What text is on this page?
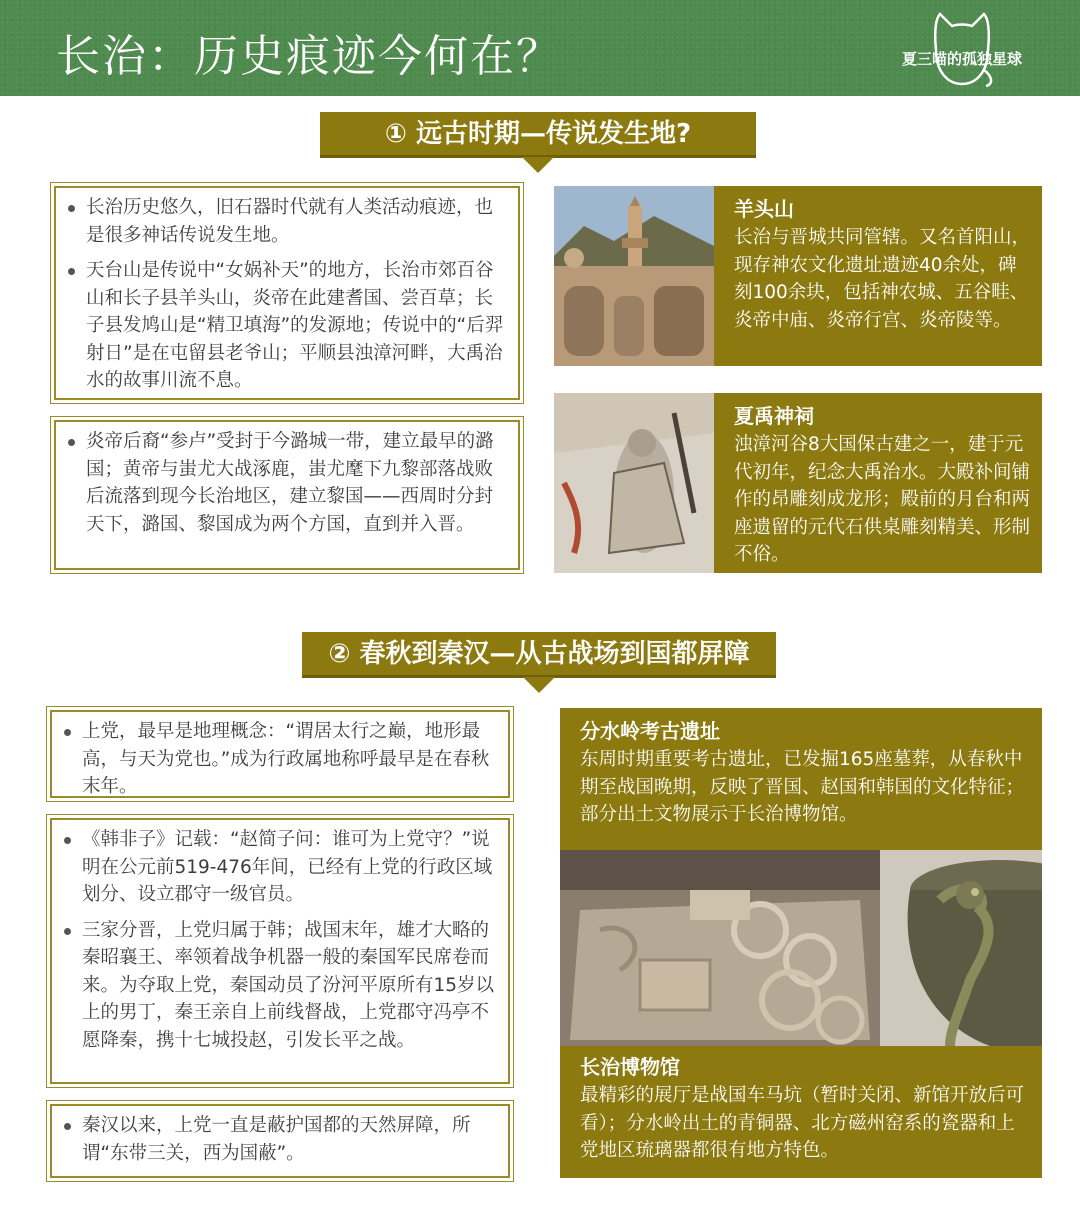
长治：历史痕迹今何在？	夏三喵的孤独星球
① 远古时期—传说发生地?
长治历史悠久，旧石器时代就有人类活动痕迹，也是很多神话传说发生地。
天台山是传说中“女娲补天”的地方，长治市郊百谷山和长子县羊头山，炎帝在此建耆国、尝百草；长子县发鸠山是“精卫填海”的发源地；传说中的“后羿射日”是在屯留县老爷山；平顺县浊漳河畔，大禹治水的故事川流不息。
炎帝后裔“参卢”受封于今潞城一带，建立最早的潞国；黄帝与蚩尤大战涿鹿，蚩尤麾下九黎部落战败后流落到现今长治地区，建立黎国——西周时分封天下，潞国、黎国成为两个方国，直到并入晋。
羊头山
长治与晋城共同管辖。又名首阳山，现存神农文化遗址遗迹40余处，碑刻100余块，包括神农城、五谷畦、炎帝中庙、炎帝行宫、炎帝陵等。
夏禹神祠
浊漳河谷8大国保古建之一，建于元代初年，纪念大禹治水。大殿补间铺作的昂雕刻成龙形；殿前的月台和两座遗留的元代石供桌雕刻精美、形制不俗。
② 春秋到秦汉—从古战场到国都屏障
上党，最早是地理概念：“谓居太行之巅，地形最高，与天为党也。”成为行政属地称呼最早是在春秋末年。
《韩非子》记载：“赵简子问：谁可为上党守？”说明在公元前519-476年间，已经有上党的行政区域划分、设立郡守一级官员。
三家分晋，上党归属于韩；战国末年，雄才大略的秦昭襄王、率领着战争机器一般的秦国军民席卷而来。为夺取上党，秦国动员了汾河平原所有15岁以上的男丁，秦王亲自上前线督战，上党郡守冯亭不愿降秦，携十七城投赵，引发长平之战。
秦汉以来，上党一直是蔽护国都的天然屏障，所谓“东带三关，西为国蔽”。
分水岭考古遗址
东周时期重要考古遗址，已发掘165座墓葬，从春秋中期至战国晚期，反映了晋国、赵国和韩国的文化特征；部分出土文物展示于长治博物馆。
长治博物馆
最精彩的展厅是战国车马坑（暂时关闭、新馆开放后可看）；分水岭出土的青铜器、北方磁州窑系的瓷器和上党地区琉璃器都很有地方特色。
